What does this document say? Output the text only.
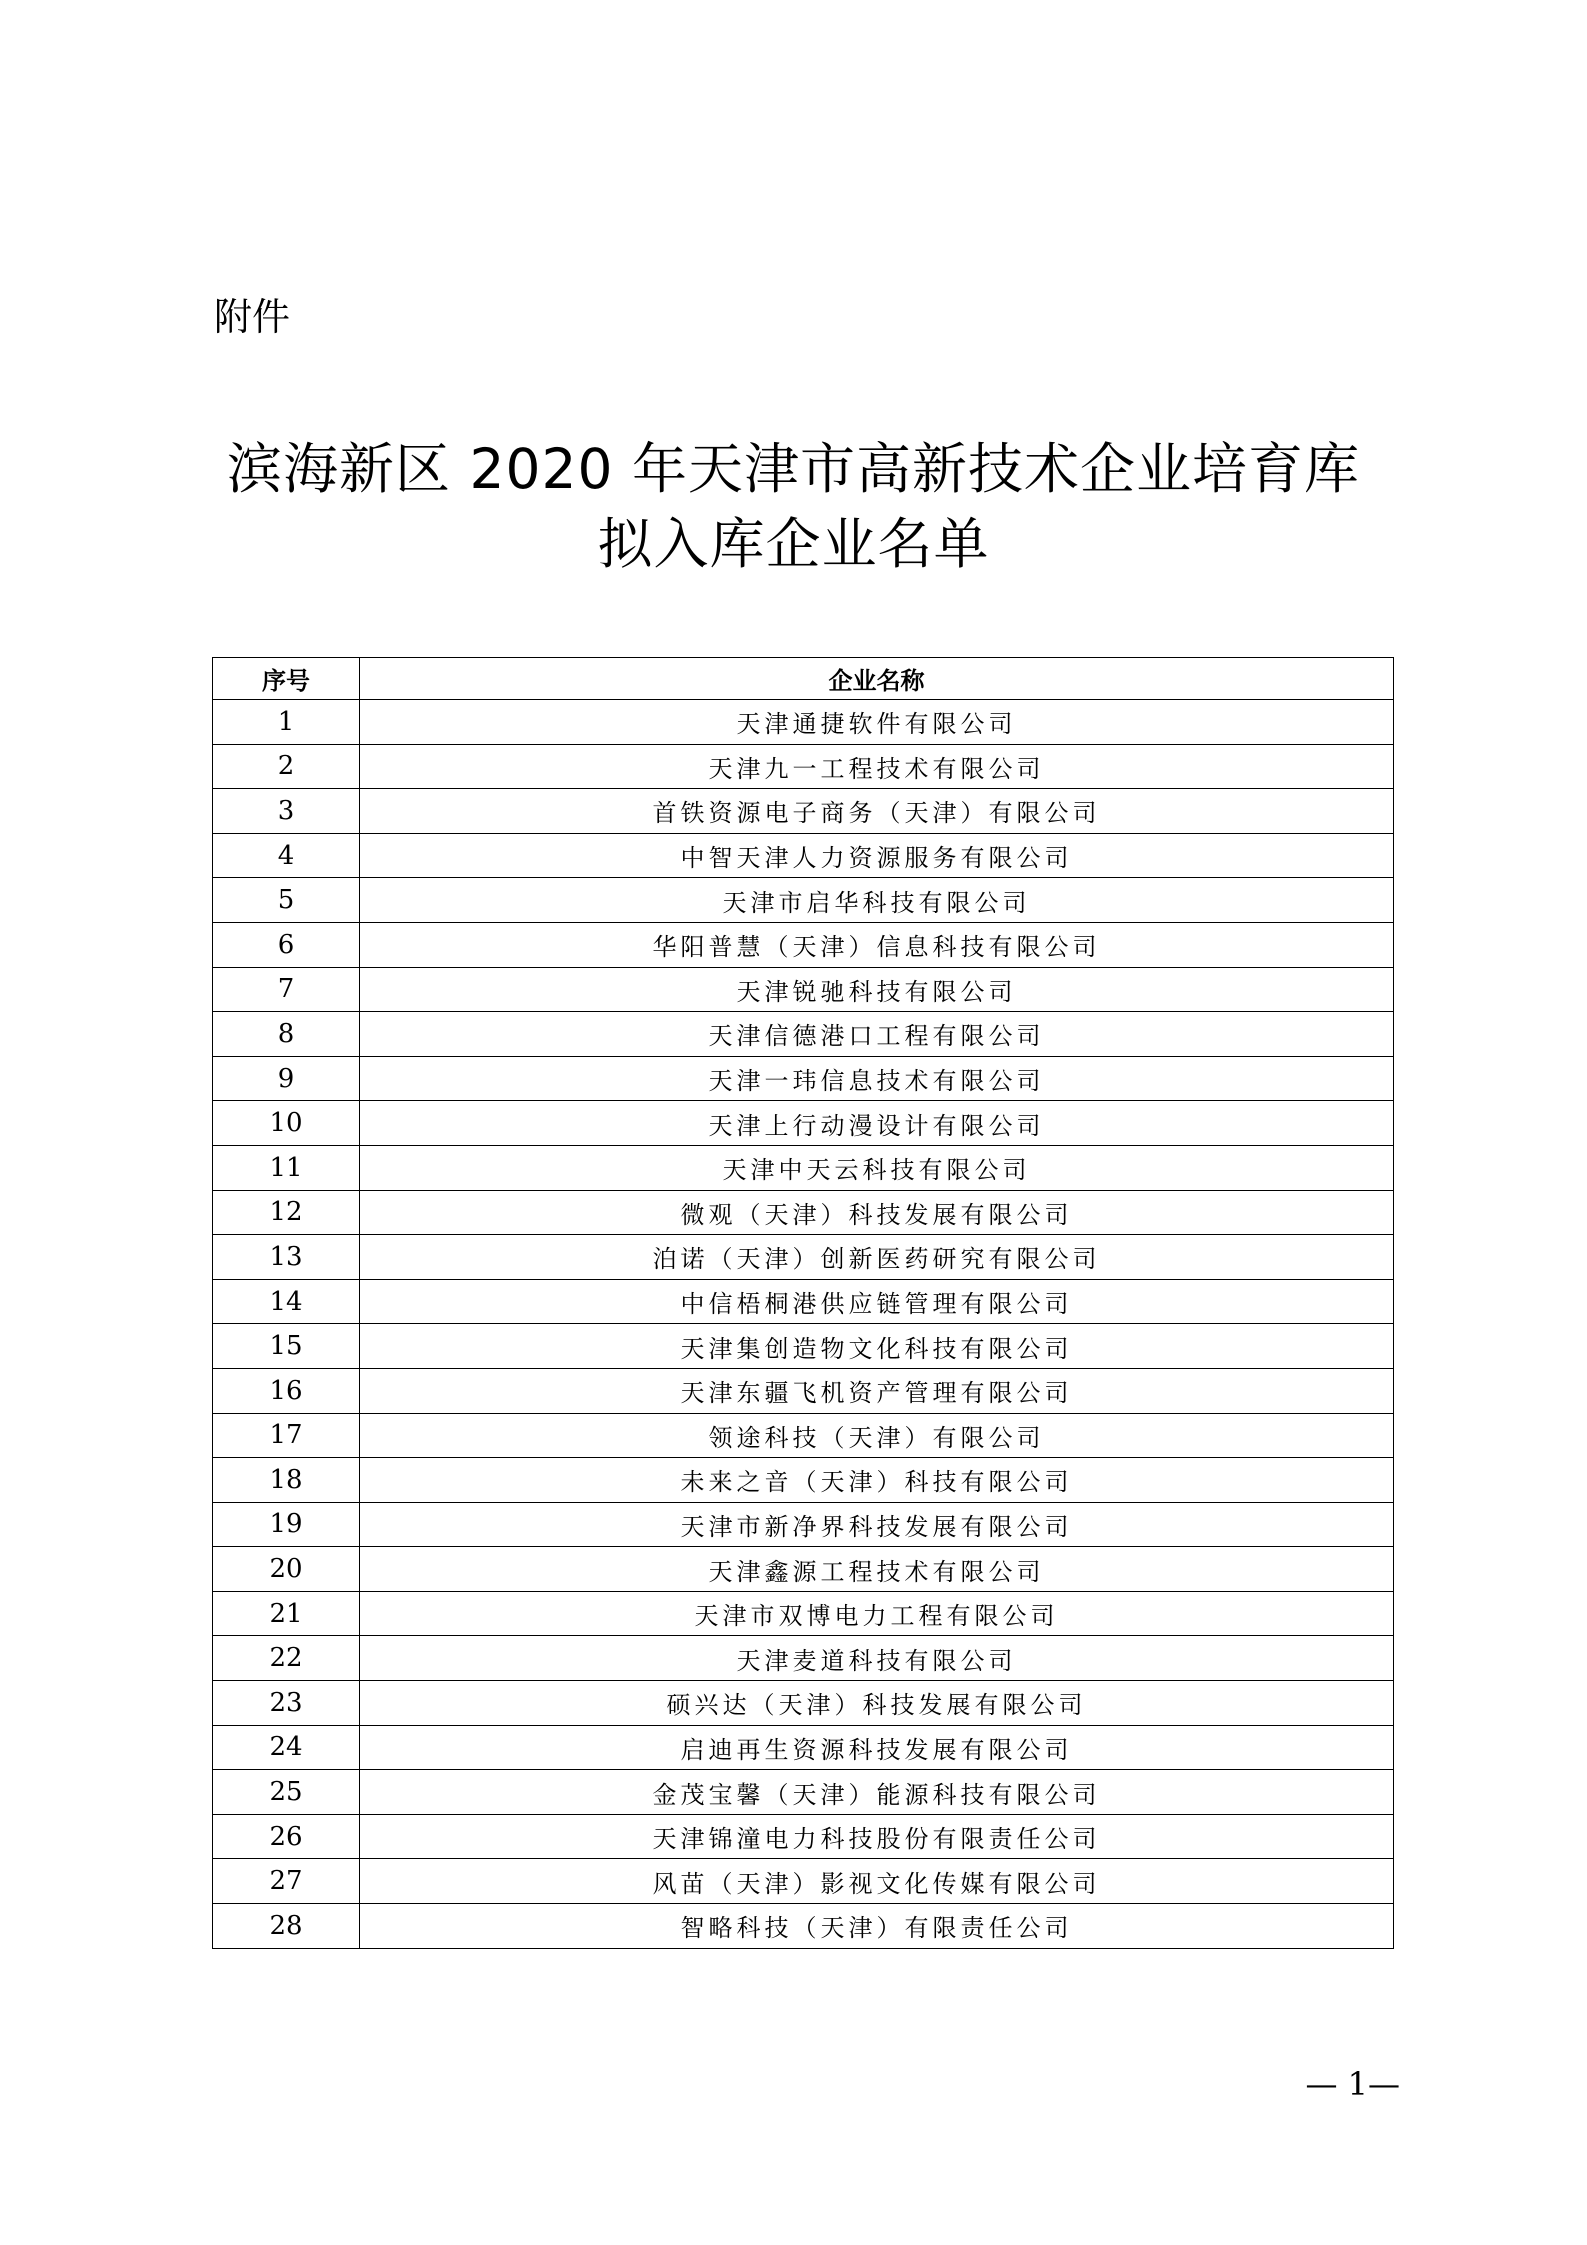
附件
滨海新区 2020 年天津市高新技术企业培育库
拟入库企业名单
序号	企业名称
1	天津通捷软件有限公司
2	天津九一工程技术有限公司
3	首铁资源电子商务（天津）有限公司
4	中智天津人力资源服务有限公司
5	天津市启华科技有限公司
6	华阳普慧（天津）信息科技有限公司
7	天津锐驰科技有限公司
8	天津信德港口工程有限公司
9	天津一玮信息技术有限公司
10	天津上行动漫设计有限公司
11	天津中天云科技有限公司
12	微观（天津）科技发展有限公司
13	泊诺（天津）创新医药研究有限公司
14	中信梧桐港供应链管理有限公司
15	天津集创造物文化科技有限公司
16	天津东疆飞机资产管理有限公司
17	领途科技（天津）有限公司
18	未来之音（天津）科技有限公司
19	天津市新净界科技发展有限公司
20	天津鑫源工程技术有限公司
21	天津市双博电力工程有限公司
22	天津麦道科技有限公司
23	硕兴达（天津）科技发展有限公司
24	启迪再生资源科技发展有限公司
25	金茂宝馨（天津）能源科技有限公司
26	天津锦潼电力科技股份有限责任公司
27	风苗（天津）影视文化传媒有限公司
28	智略科技（天津）有限责任公司
— 1—
